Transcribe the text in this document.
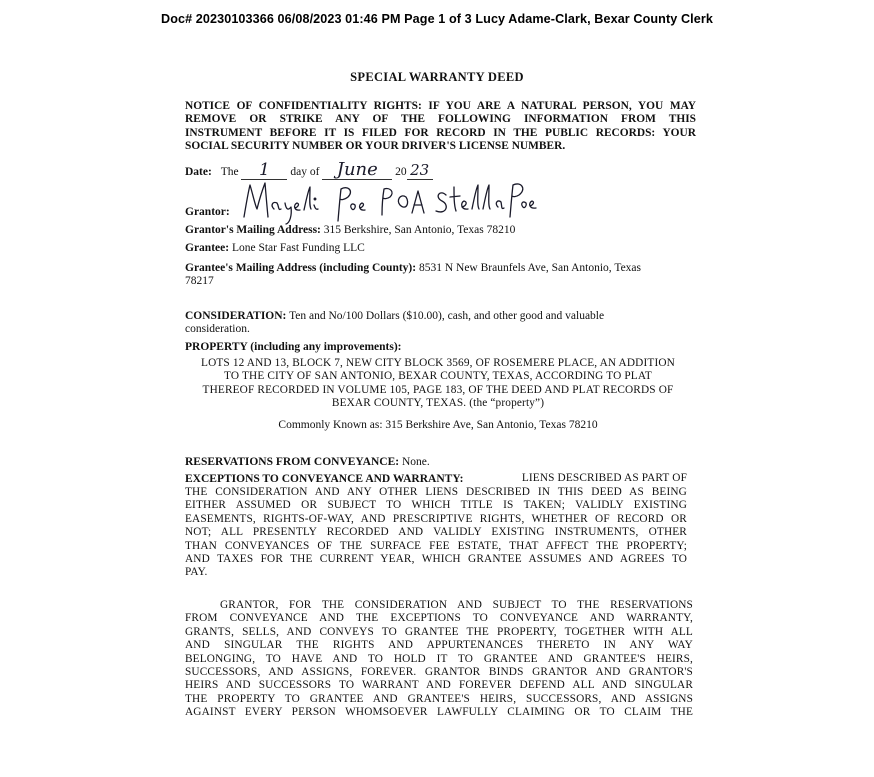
Doc# 20230103366 06/08/2023 01:46 PM Page 1 of 3 Lucy Adame-Clark, Bexar County Clerk
SPECIAL WARRANTY DEED
NOTICE OF CONFIDENTIALITY RIGHTS: IF YOU ARE A NATURAL PERSON, YOU MAY
REMOVE OR STRIKE ANY OF THE FOLLOWING INFORMATION FROM THIS
INSTRUMENT BEFORE IT IS FILED FOR RECORD IN THE PUBLIC RECORDS: YOUR
SOCIAL SECURITY NUMBER OR YOUR DRIVER'S LICENSE NUMBER.
Date: The 1 day of June 20 23
Grantor:
Grantor's Mailing Address: 315 Berkshire, San Antonio, Texas 78210
Grantee: Lone Star Fast Funding LLC
Grantee's Mailing Address (including County): 8531 N New Braunfels Ave, San Antonio, Texas
78217
CONSIDERATION: Ten and No/100 Dollars ($10.00), cash, and other good and valuable
consideration.
PROPERTY (including any improvements):
LOTS 12 AND 13, BLOCK 7, NEW CITY BLOCK 3569, OF ROSEMERE PLACE, AN ADDITION
TO THE CITY OF SAN ANTONIO, BEXAR COUNTY, TEXAS, ACCORDING TO PLAT
THEREOF RECORDED IN VOLUME 105, PAGE 183, OF THE DEED AND PLAT RECORDS OF
BEXAR COUNTY, TEXAS. (the “property”)
Commonly Known as: 315 Berkshire Ave, San Antonio, Texas 78210
RESERVATIONS FROM CONVEYANCE: None.
EXCEPTIONS TO CONVEYANCE AND WARRANTY:	LIENS DESCRIBED AS PART OF
THE CONSIDERATION AND ANY OTHER LIENS DESCRIBED IN THIS DEED AS BEING
EITHER ASSUMED OR SUBJECT TO WHICH TITLE IS TAKEN; VALIDLY EXISTING
EASEMENTS, RIGHTS-OF-WAY, AND PRESCRIPTIVE RIGHTS, WHETHER OF RECORD OR
NOT; ALL PRESENTLY RECORDED AND VALIDLY EXISTING INSTRUMENTS, OTHER
THAN CONVEYANCES OF THE SURFACE FEE ESTATE, THAT AFFECT THE PROPERTY;
AND TAXES FOR THE CURRENT YEAR, WHICH GRANTEE ASSUMES AND AGREES TO
PAY.
GRANTOR, FOR THE CONSIDERATION AND SUBJECT TO THE RESERVATIONS
FROM CONVEYANCE AND THE EXCEPTIONS TO CONVEYANCE AND WARRANTY,
GRANTS, SELLS, AND CONVEYS TO GRANTEE THE PROPERTY, TOGETHER WITH ALL
AND SINGULAR THE RIGHTS AND APPURTENANCES THERETO IN ANY WAY
BELONGING, TO HAVE AND TO HOLD IT TO GRANTEE AND GRANTEE'S HEIRS,
SUCCESSORS, AND ASSIGNS, FOREVER. GRANTOR BINDS GRANTOR AND GRANTOR'S
HEIRS AND SUCCESSORS TO WARRANT AND FOREVER DEFEND ALL AND SINGULAR
THE PROPERTY TO GRANTEE AND GRANTEE'S HEIRS, SUCCESSORS, AND ASSIGNS
AGAINST EVERY PERSON WHOMSOEVER LAWFULLY CLAIMING OR TO CLAIM THE
